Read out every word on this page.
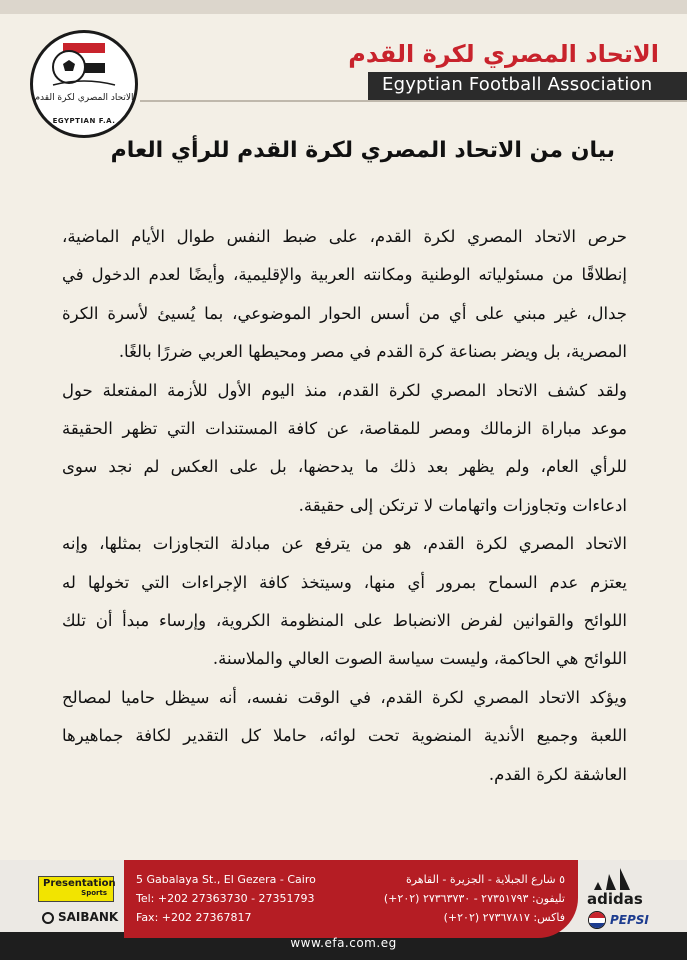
الاتحاد المصري لكرة القدم
EGYPTIAN F.A.
الاتحاد المصري لكرة القدم
Egyptian Football Association
بيان من الاتحاد المصري لكرة القدم للرأي العام
حرص الاتحاد المصري لكرة القدم، على ضبط النفس طوال الأيام الماضية،
إنطلاقًا من مسئولياته الوطنية ومكانته العربية والإقليمية، وأيضًا لعدم الدخول في
جدال، غير مبني على أي من أسس الحوار الموضوعي، بما يُسيئ لأسرة الكرة
المصرية، بل ويضر بصناعة كرة القدم في مصر ومحيطها العربي ضررًا بالغًا.
ولقد كشف الاتحاد المصري لكرة القدم، منذ اليوم الأول للأزمة المفتعلة حول
موعد مباراة الزمالك ومصر للمقاصة، عن كافة المستندات التي تظهر الحقيقة
للرأي العام، ولم يظهر بعد ذلك ما يدحضها، بل على العكس لم نجد سوى
ادعاءات وتجاوزات واتهامات لا ترتكن إلى حقيقة.
الاتحاد المصري لكرة القدم، هو من يترفع عن مبادلة التجاوزات بمثلها، وإنه
يعتزم عدم السماح بمرور أي منها، وسيتخذ كافة الإجراءات التي تخولها له
اللوائح والقوانين لفرض الانضباط على المنظومة الكروية، وإرساء مبدأ أن تلك
اللوائح هي الحاكمة، وليست سياسة الصوت العالي والملاسنة.
ويؤكد الاتحاد المصري لكرة القدم، في الوقت نفسه، أنه سيظل حاميا لمصالح
اللعبة وجميع الأندية المنضوية تحت لوائه، حاملا كل التقدير لكافة جماهيرها
العاشقة لكرة القدم.
Presentation
Sports
SAIBANK
5 Gabalaya St., El Gezera - Cairo
Tel: +202 27363730 - 27351793
Fax: +202 27367817
٥ شارع الجبلاية - الجزيرة - القاهرة
تليفون: ٢٧٣٥١٧٩٣ - ٢٧٣٦٣٧٣٠ (٢٠٢+)
فاكس: ٢٧٣٦٧٨١٧ (٢٠٢+)
adidas
PEPSI
www.efa.com.eg
